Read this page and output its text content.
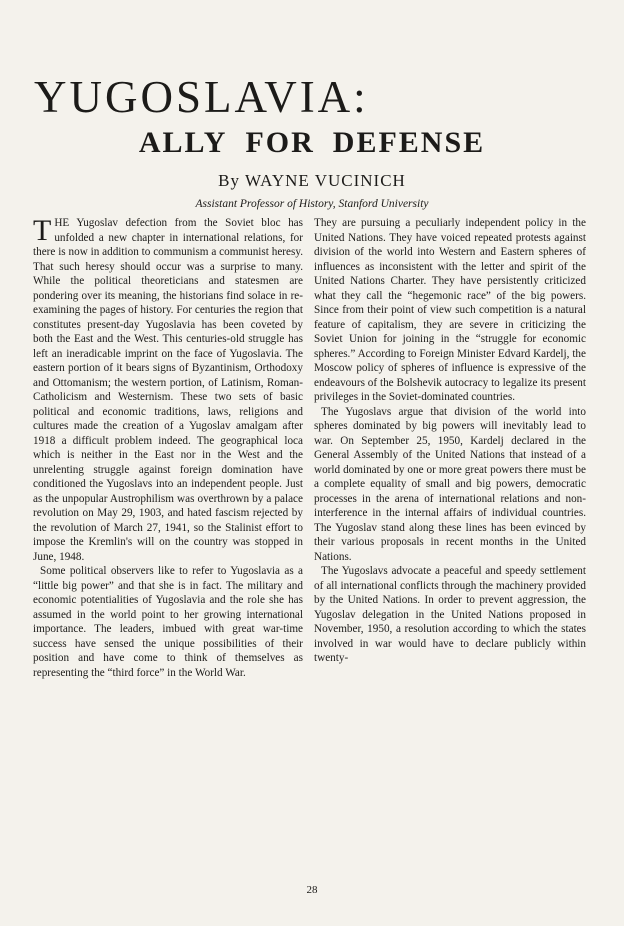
YUGOSLAVIA:
ALLY FOR DEFENSE

By WAYNE VUCINICH

Assistant Professor of History, Stanford University

THE Yugoslav defection from the Soviet bloc has unfolded a new chapter in international relations, for there is now in addition to communism a communist heresy. That such heresy should occur was a surprise to many. While the political theoreticians and statesmen are pondering over its meaning, the historians find solace in re-examining the pages of history. For centuries the region that constitutes present-day Yugoslavia has been coveted by both the East and the West. This centuries-old struggle has left an ineradicable imprint on the face of Yugoslavia. The eastern portion of it bears signs of Byzantinism, Orthodoxy and Ottomanism; the western portion, of Latinism, Roman-Catholicism and Westernism. These two sets of basic political and economic traditions, laws, religions and cultures made the creation of a Yugoslav amalgam after 1918 a difficult problem indeed. The geographical loca which is neither in the East nor in the West and the unrelenting struggle against foreign domination have conditioned the Yugoslavs into an independent people. Just as the unpopular Austrophilism was overthrown by a palace revolution on May 29, 1903, and hated fascism rejected by the revolution of March 27, 1941, so the Stalinist effort to impose the Kremlin's will on the country was stopped in June, 1948.

Some political observers like to refer to Yugoslavia as a “little big power” and that she is in fact. The military and economic potentialities of Yugoslavia and the role she has assumed in the world point to her growing international importance. The leaders, imbued with great war-time success have sensed the unique possibilities of their position and have come to think of themselves as representing the “third force” in the World War.

They are pursuing a peculiarly independent policy in the United Nations. They have voiced repeated protests against division of the world into Western and Eastern spheres of influences as inconsistent with the letter and spirit of the United Nations Charter. They have persistently criticized what they call the “hegemonic race” of the big powers. Since from their point of view such competition is a natural feature of capitalism, they are severe in criticizing the Soviet Union for joining in the “struggle for economic spheres.” According to Foreign Minister Edvard Kardelj, the Moscow policy of spheres of influence is expressive of the endeavours of the Bolshevik autocracy to legalize its present privileges in the Soviet-dominated countries.

The Yugoslavs argue that division of the world into spheres dominated by big powers will inevitably lead to war. On September 25, 1950, Kardelj declared in the General Assembly of the United Nations that instead of a world dominated by one or more great powers there must be a complete equality of small and big powers, democratic processes in the arena of international relations and non-interference in the internal affairs of individual countries. The Yugoslav stand along these lines has been evinced by their various proposals in recent months in the United Nations.

The Yugoslavs advocate a peaceful and speedy settlement of all international conflicts through the machinery provided by the United Nations. In order to prevent aggression, the Yugoslav delegation in the United Nations proposed in November, 1950, a resolution according to which the states involved in war would have to declare publicly within twenty-

28
